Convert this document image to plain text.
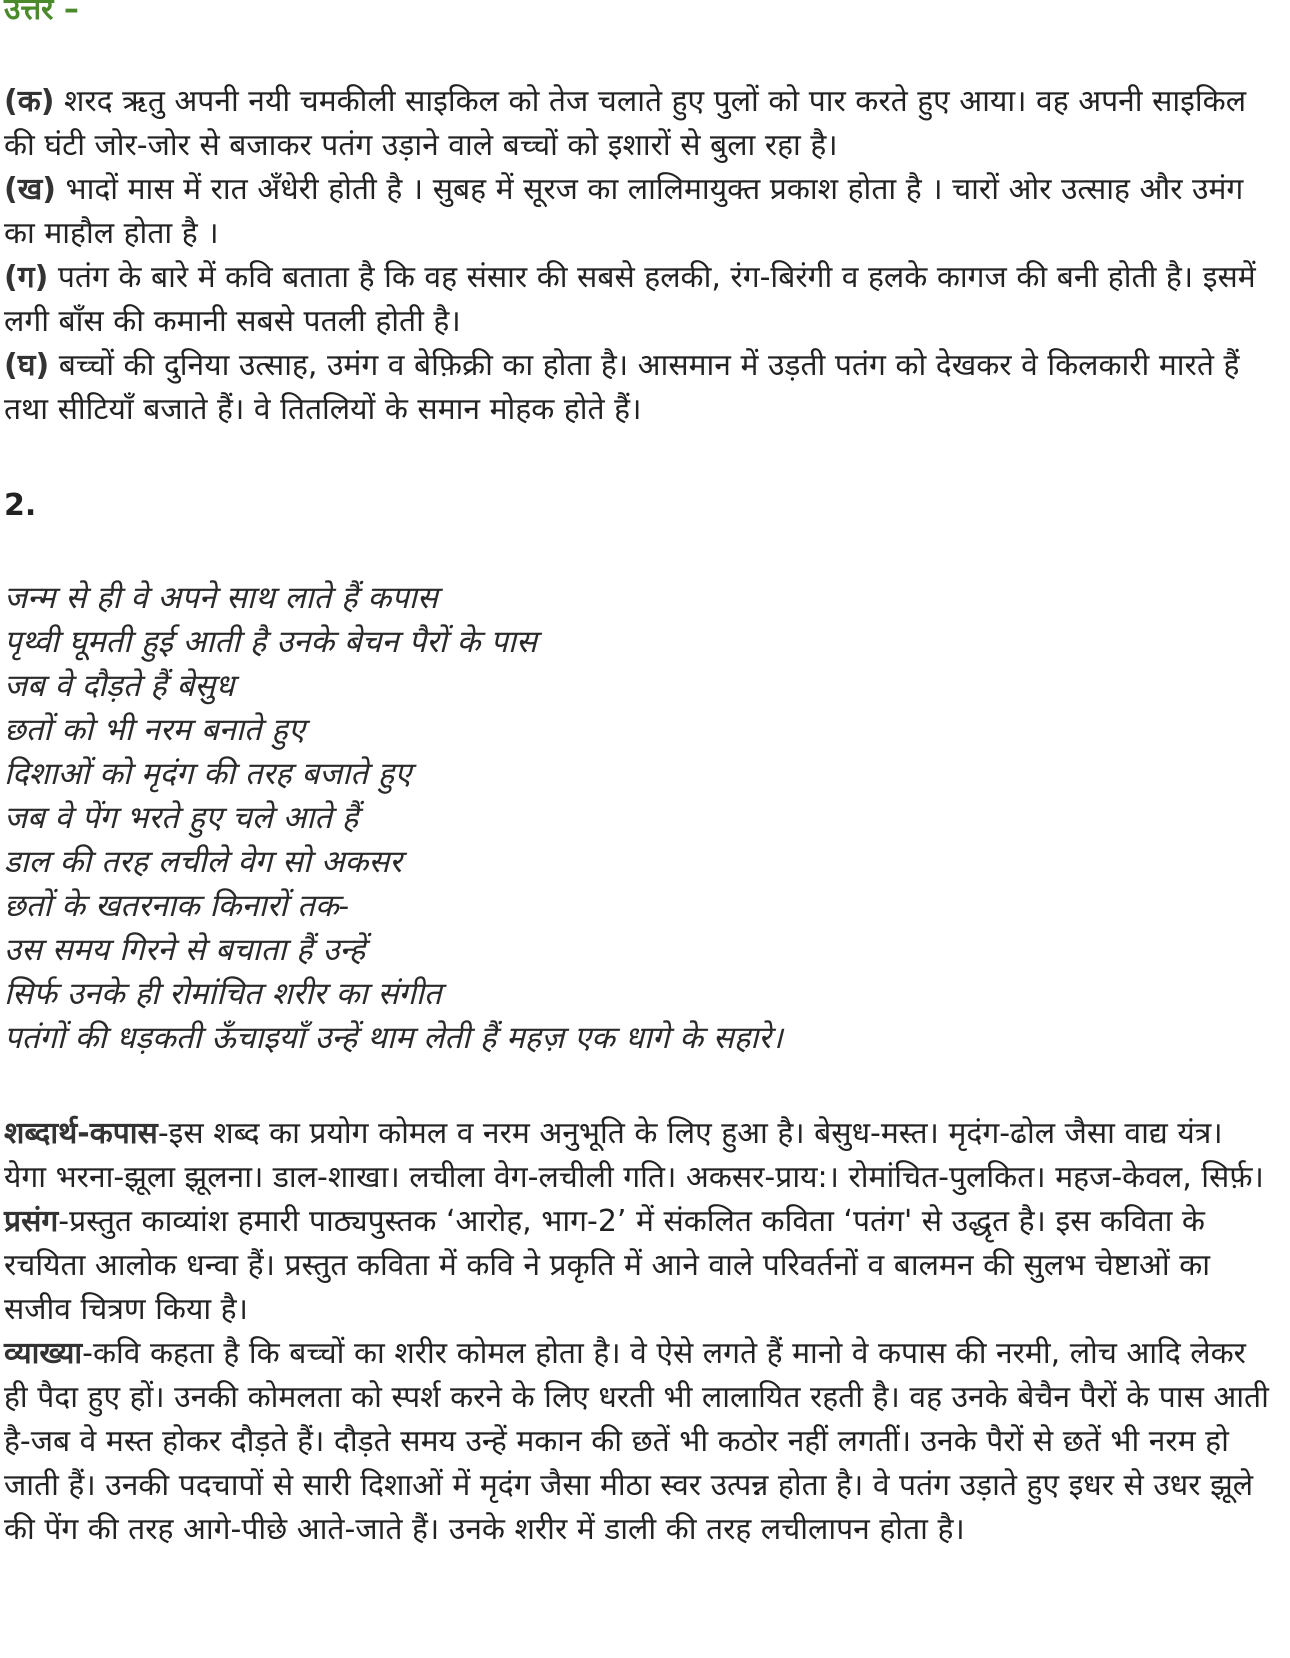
उत्तर –

(क) शरद ऋतु अपनी नयी चमकीली साइकिल को तेज चलाते हुए पुलों को पार करते हुए आया। वह अपनी साइकिल की घंटी जोर-जोर से बजाकर पतंग उड़ाने वाले बच्चों को इशारों से बुला रहा है।

(ख) भादों मास में रात अँधेरी होती है । सुबह में सूरज का लालिमायुक्त प्रकाश होता है । चारों ओर उत्साह और उमंग का माहौल होता है ।

(ग) पतंग के बारे में कवि बताता है कि वह संसार की सबसे हलकी, रंग-बिरंगी व हलके कागज की बनी होती है। इसमें लगी बाँस की कमानी सबसे पतली होती है।

(घ) बच्चों की दुनिया उत्साह, उमंग व बेफ़िक्री का होता है। आसमान में उड़ती पतंग को देखकर वे किलकारी मारते हैं तथा सीटियाँ बजाते हैं। वे तितलियों के समान मोहक होते हैं।

2.
जन्म से ही वे अपने साथ लाते हैं कपास
पृथ्वी घूमती हुई आती है उनके बेचन पैरों के पास
जब वे दौड़ते हैं बेसुध
छतों को भी नरम बनाते हुए
दिशाओं को मृदंग की तरह बजाते हुए
जब वे पेंग भरते हुए चले आते हैं
डाल की तरह लचीले वेग सो अकसर
छतों के खतरनाक किनारों तक-
उस समय गिरने से बचाता हैं उन्हें
सिर्फ उनके ही रोमांचित शरीर का संगीत
पतंगों की धड़कती ऊँचाइयाँ उन्हें थाम लेती हैं महज़ एक धागे के सहारे।

शब्दार्थ-कपास-इस शब्द का प्रयोग कोमल व नरम अनुभूति के लिए हुआ है। बेसुध-मस्त। मृदंग-ढोल जैसा वाद्य यंत्र। येगा भरना-झूला झूलना। डाल-शाखा। लचीला वेग-लचीली गति। अकसर-प्राय:। रोमांचित-पुलकित। महज-केवल, सिर्फ़।

प्रसंग-प्रस्तुत काव्यांश हमारी पाठ्यपुस्तक ‘आरोह, भाग-2’ में संकलित कविता ‘पतंग' से उद्धृत है। इस कविता के रचयिता आलोक धन्वा हैं। प्रस्तुत कविता में कवि ने प्रकृति में आने वाले परिवर्तनों व बालमन की सुलभ चेष्टाओं का सजीव चित्रण किया है।

व्याख्या-कवि कहता है कि बच्चों का शरीर कोमल होता है। वे ऐसे लगते हैं मानो वे कपास की नरमी, लोच आदि लेकर ही पैदा हुए हों। उनकी कोमलता को स्पर्श करने के लिए धरती भी लालायित रहती है। वह उनके बेचैन पैरों के पास आती है-जब वे मस्त होकर दौड़ते हैं। दौड़ते समय उन्हें मकान की छतें भी कठोर नहीं लगतीं। उनके पैरों से छतें भी नरम हो जाती हैं। उनकी पदचापों से सारी दिशाओं में मृदंग जैसा मीठा स्वर उत्पन्न होता है। वे पतंग उड़ाते हुए इधर से उधर झूले की पेंग की तरह आगे-पीछे आते-जाते हैं। उनके शरीर में डाली की तरह लचीलापन होता है।
